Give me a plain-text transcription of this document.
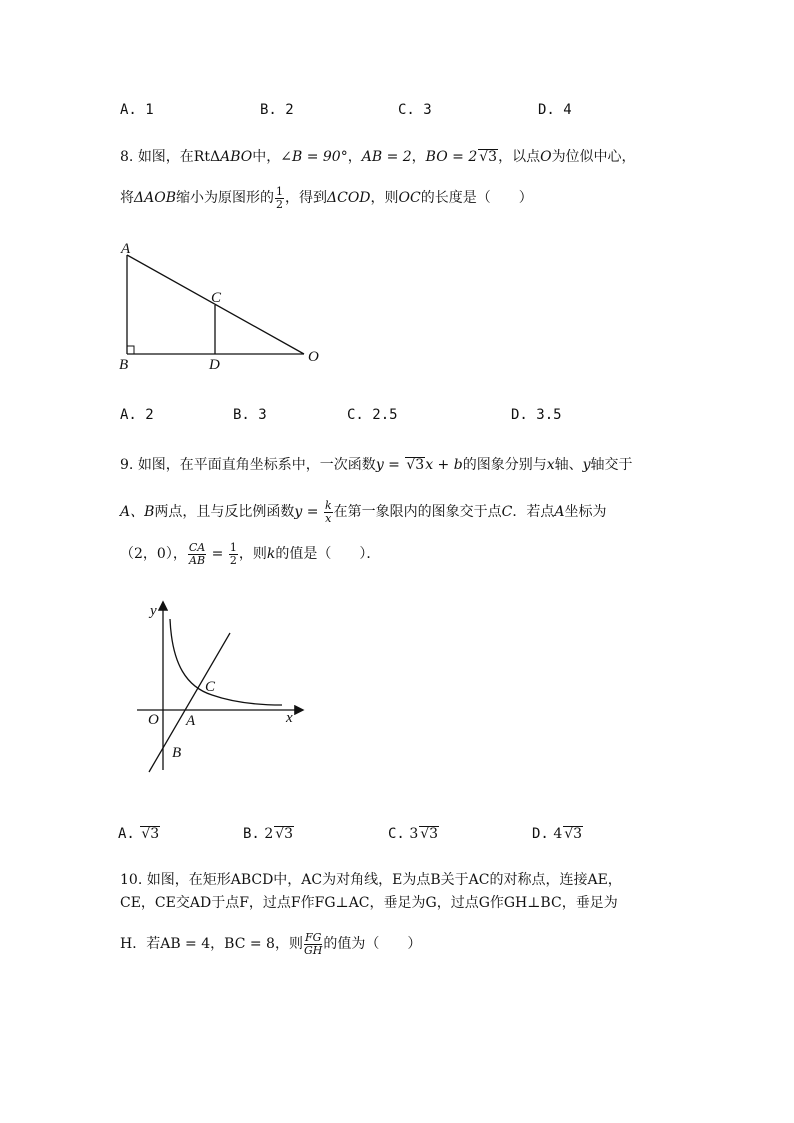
A. 1	B. 2	C. 3	D. 4
8. 如图，在RtΔABO中，∠B = 90°，AB = 2，BO = 2 √3，以点O为位似中心，
将ΔAOB缩小为原图形的 $\frac{1}{2}$ ，得到ΔCOD，则OC的长度是（　　）
A
B
C
D	O
A. 2	B. 3	C. 2.5	D. 3.5
9. 如图，在平面直角坐标系中，一次函数y = √3x + b的图象分别与x轴、y轴交于
A、B两点，且与反比例函数$y = \frac{k}{x}$ 在第一象限内的图象交于点C．若点A坐标为
（2，0）， $\frac{CA}{AB} = \frac{1}{2}$ ，则k的值是（　　）．
y
x
O A
B
C
A. √3	B. 2 √3	C. 3 √3	D. 4 √3
10. 如图，在矩形ABCD中，AC为对角线，E为点B关于AC的对称点，连接AE，
CE，CE交AD于点F，过点F作FG⊥AC，垂足为G，过点G作GH⊥BC，垂足为
H．若AB = 4，BC = 8，则 $\frac{FG}{GH}$ 的值为（　　）
